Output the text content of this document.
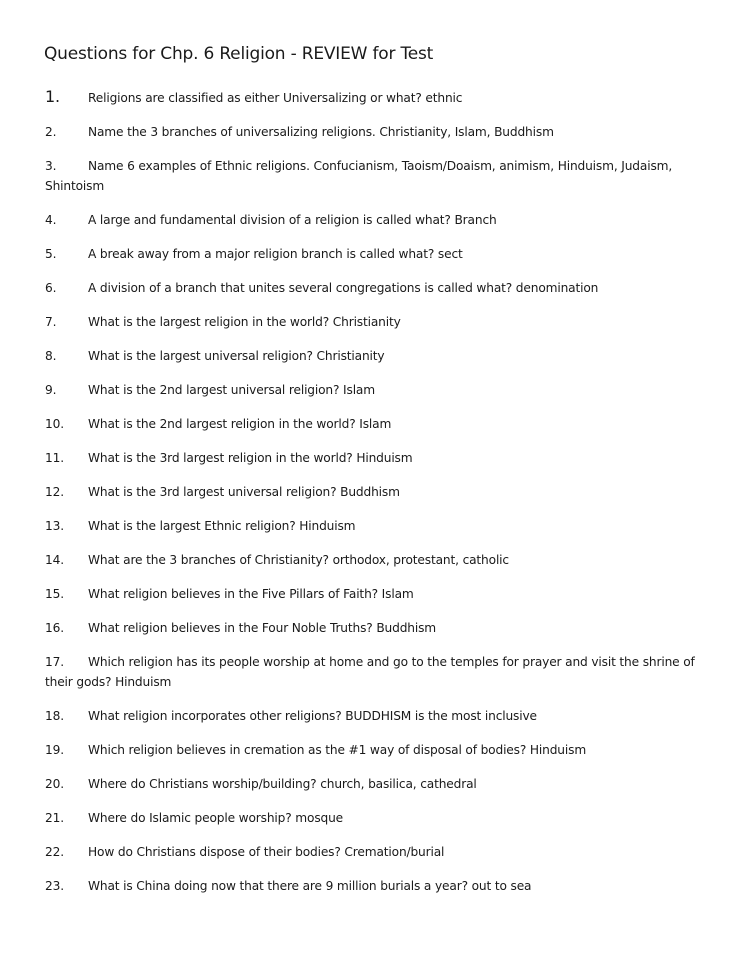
Questions for Chp. 6 Religion - REVIEW for Test
1. Religions are classified as either Universalizing or what? ethnic
2.	Name the 3 branches of universalizing religions. Christianity, Islam, Buddhism
3.	Name 6 examples of Ethnic religions. Confucianism, Taoism/Doaism, animism, Hinduism, Judaism, Shintoism
4.	A large and fundamental division of a religion is called what? Branch
5.	A break away from a major religion branch is called what? sect
6.	A division of a branch that unites several congregations is called what? denomination
7.	What is the largest religion in the world? Christianity
8.	What is the largest universal religion? Christianity
9.	What is the 2nd largest universal religion? Islam
10. What is the 2nd largest religion in the world? Islam
11. What is the 3rd largest religion in the world? Hinduism
12. What is the 3rd largest universal religion? Buddhism
13. What is the largest Ethnic religion? Hinduism
14. What are the 3 branches of Christianity? orthodox, protestant, catholic
15. What religion believes in the Five Pillars of Faith? Islam
16. What religion believes in the Four Noble Truths? Buddhism
17. Which religion has its people worship at home and go to the temples for prayer and visit the shrine of their gods? Hinduism
18. What religion incorporates other religions? BUDDHISM is the most inclusive
19. Which religion believes in cremation as the #1 way of disposal of bodies? Hinduism
20. Where do Christians worship/building? church, basilica, cathedral
21. Where do Islamic people worship? mosque
22. How do Christians dispose of their bodies? Cremation/burial
23. What is China doing now that there are 9 million burials a year? out to sea
